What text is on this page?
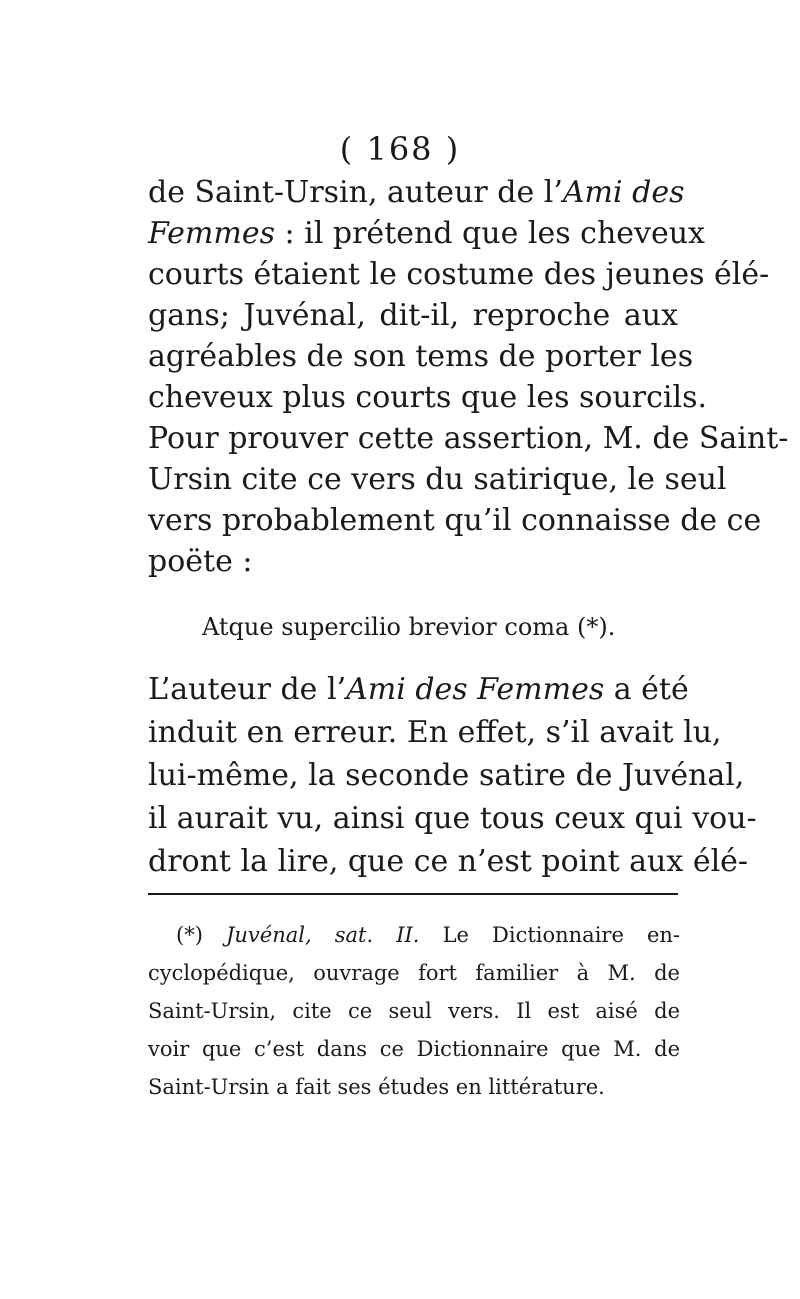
( 168 )
de Saint-Ursin, auteur de l’Ami des
Femmes : il prétend que les cheveux
courts étaient le costume des jeunes élé-
gans; Juvénal, dit-il, reproche aux
agréables de son tems de porter les
cheveux plus courts que les sourcils.
Pour prouver cette assertion, M. de Saint-
Ursin cite ce vers du satirique, le seul
vers probablement qu’il connaisse de ce
poëte :
Atque supercilio brevior coma (*).
L’auteur de l’Ami des Femmes a été
induit en erreur. En effet, s’il avait lu,
lui-même, la seconde satire de Juvénal,
il aurait vu, ainsi que tous ceux qui vou-
dront la lire, que ce n’est point aux élé-
(*) Juvénal, sat. II. Le Dictionnaire en-
cyclopédique, ouvrage fort familier à M. de
Saint-Ursin, cite ce seul vers. Il est aisé de
voir que c’est dans ce Dictionnaire que M. de
Saint-Ursin a fait ses études en littérature.
